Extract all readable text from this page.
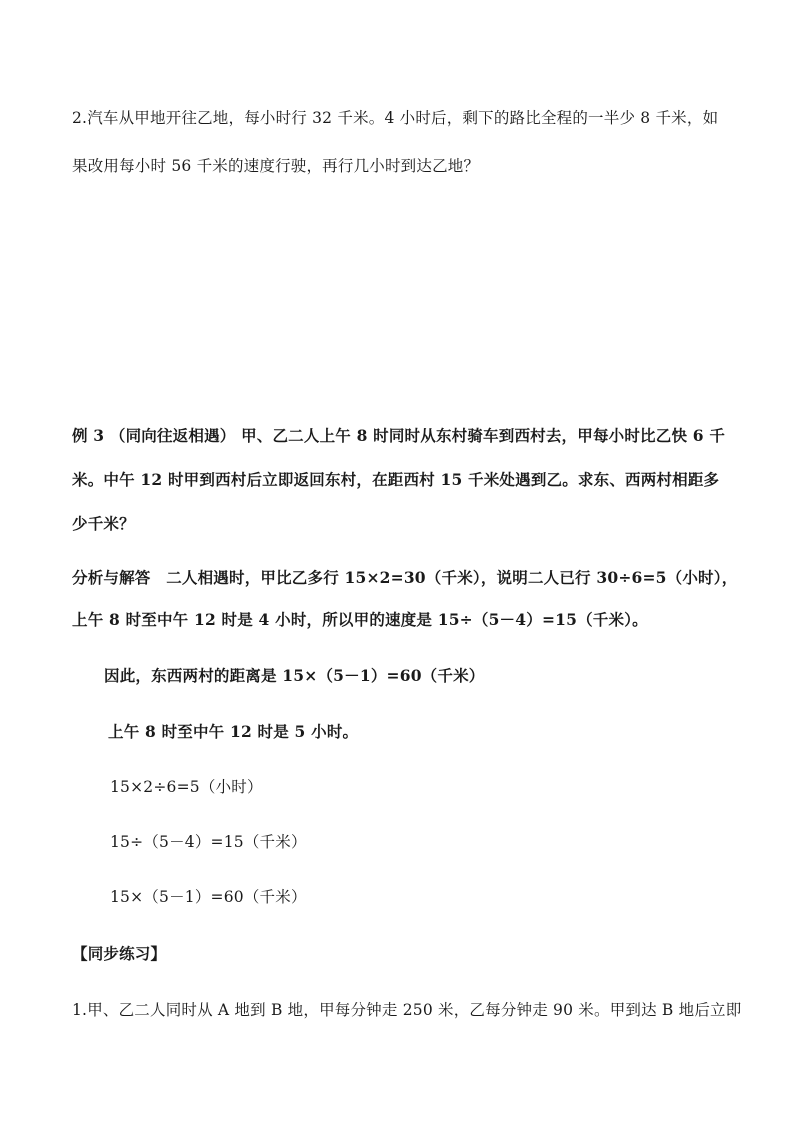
2.汽车从甲地开往乙地，每小时行 32 千米。4 小时后，剩下的路比全程的一半少 8 千米，如
果改用每小时 56 千米的速度行驶，再行几小时到达乙地？
例 3 （同向往返相遇） 甲、乙二人上午 8 时同时从东村骑车到西村去，甲每小时比乙快 6 千
米。中午 12 时甲到西村后立即返回东村，在距西村 15 千米处遇到乙。求东、西两村相距多
少千米？
分析与解答　二人相遇时，甲比乙多行 15×2=30（千米），说明二人已行 30÷6=5（小时），
上午 8 时至中午 12 时是 4 小时，所以甲的速度是 15÷（5－4）=15（千米）。
因此，东西两村的距离是 15×（5－1）=60（千米）
上午 8 时至中午 12 时是 5 小时。
15×2÷6=5（小时）
15÷（5－4）=15（千米）
15×（5－1）=60（千米）
【同步练习】
1.甲、乙二人同时从 A 地到 B 地，甲每分钟走 250 米，乙每分钟走 90 米。甲到达 B 地后立即
